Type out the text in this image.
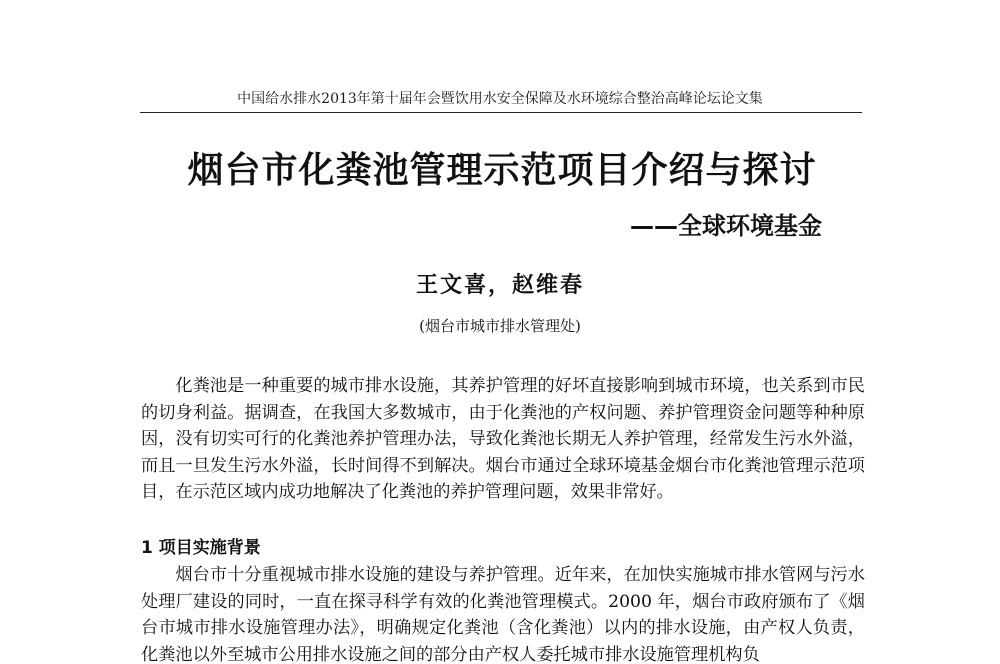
中国给水排水2013年第十届年会暨饮用水安全保障及水环境综合整治高峰论坛论文集
烟台市化粪池管理示范项目介绍与探讨
——全球环境基金
王文喜，赵维春
(烟台市城市排水管理处)
化粪池是一种重要的城市排水设施，其养护管理的好坏直接影响到城市环境，也关系到市民的切身利益。据调查，在我国大多数城市，由于化粪池的产权问题、养护管理资金问题等种种原因，没有切实可行的化粪池养护管理办法，导致化粪池长期无人养护管理，经常发生污水外溢，而且一旦发生污水外溢，长时间得不到解决。烟台市通过全球环境基金烟台市化粪池管理示范项目，在示范区域内成功地解决了化粪池的养护管理问题，效果非常好。
1 项目实施背景
烟台市十分重视城市排水设施的建设与养护管理。近年来，在加快实施城市排水管网与污水处理厂建设的同时，一直在探寻科学有效的化粪池管理模式。2000 年，烟台市政府颁布了《烟台市城市排水设施管理办法》，明确规定化粪池（含化粪池）以内的排水设施，由产权人负责，化粪池以外至城市公用排水设施之间的部分由产权人委托城市排水设施管理机构负
